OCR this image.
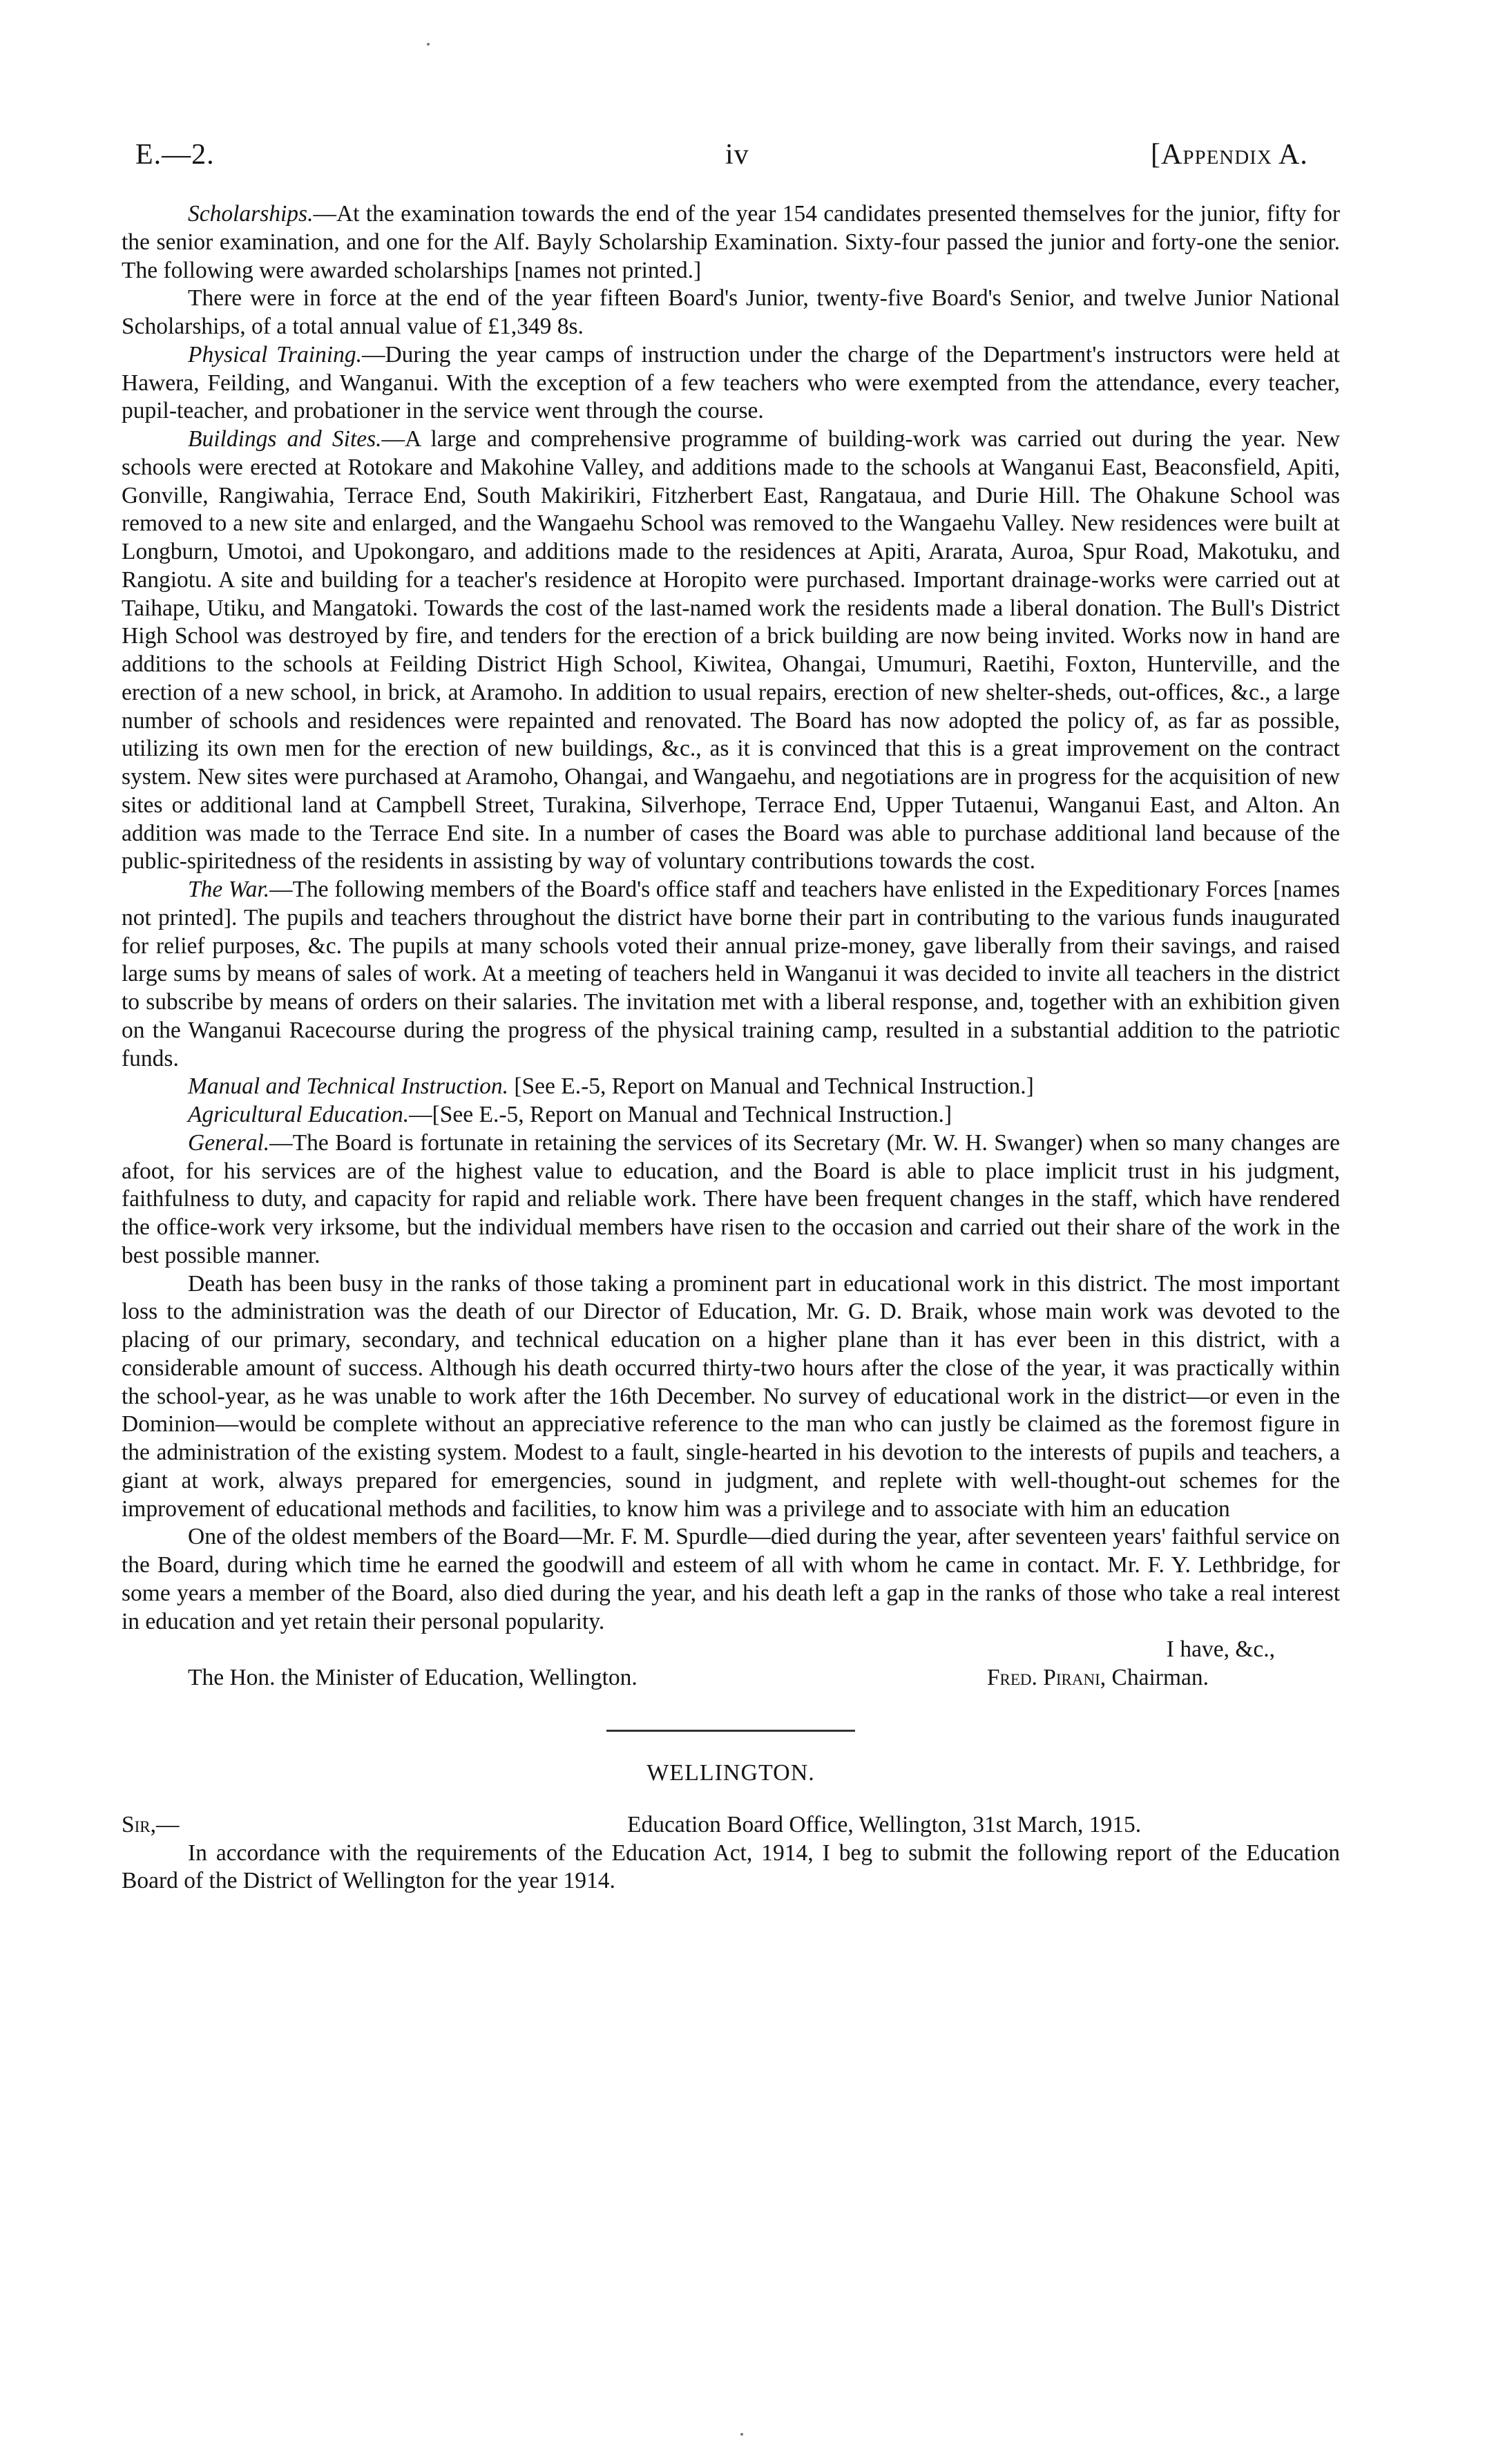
E.—2.	iv	[Appendix A.

Scholarships.—At the examination towards the end of the year 154 candidates presented themselves for the junior, fifty for the senior examination, and one for the Alf. Bayly Scholarship Examination. Sixty-four passed the junior and forty-one the senior. The following were awarded scholarships [names not printed.]

There were in force at the end of the year fifteen Board's Junior, twenty-five Board's Senior, and twelve Junior National Scholarships, of a total annual value of £1,349 8s.

Physical Training.—During the year camps of instruction under the charge of the Department's instructors were held at Hawera, Feilding, and Wanganui. With the exception of a few teachers who were exempted from the attendance, every teacher, pupil-teacher, and probationer in the service went through the course.

Buildings and Sites.—A large and comprehensive programme of building-work was carried out during the year. New schools were erected at Rotokare and Makohine Valley, and additions made to the schools at Wanganui East, Beaconsfield, Apiti, Gonville, Rangiwahia, Terrace End, South Makirikiri, Fitzherbert East, Rangataua, and Durie Hill. The Ohakune School was removed to a new site and enlarged, and the Wangaehu School was removed to the Wangaehu Valley. New residences were built at Longburn, Umotoi, and Upokongaro, and additions made to the residences at Apiti, Ararata, Auroa, Spur Road, Makotuku, and Rangiotu. A site and building for a teacher's residence at Horopito were purchased. Important drainage-works were carried out at Taihape, Utiku, and Mangatoki. Towards the cost of the last-named work the residents made a liberal donation. The Bull's District High School was destroyed by fire, and tenders for the erection of a brick building are now being invited. Works now in hand are additions to the schools at Feilding District High School, Kiwitea, Ohangai, Umumuri, Raetihi, Foxton, Hunterville, and the erection of a new school, in brick, at Aramoho. In addition to usual repairs, erection of new shelter-sheds, out-offices, &c., a large number of schools and residences were repainted and renovated. The Board has now adopted the policy of, as far as possible, utilizing its own men for the erection of new buildings, &c., as it is convinced that this is a great improvement on the contract system. New sites were purchased at Aramoho, Ohangai, and Wangaehu, and negotiations are in progress for the acquisition of new sites or additional land at Campbell Street, Turakina, Silverhope, Terrace End, Upper Tutaenui, Wanganui East, and Alton. An addition was made to the Terrace End site. In a number of cases the Board was able to purchase additional land because of the public-spiritedness of the residents in assisting by way of voluntary contributions towards the cost.

The War.—The following members of the Board's office staff and teachers have enlisted in the Expeditionary Forces [names not printed]. The pupils and teachers throughout the district have borne their part in contributing to the various funds inaugurated for relief purposes, &c. The pupils at many schools voted their annual prize-money, gave liberally from their savings, and raised large sums by means of sales of work. At a meeting of teachers held in Wanganui it was decided to invite all teachers in the district to subscribe by means of orders on their salaries. The invitation met with a liberal response, and, together with an exhibition given on the Wanganui Racecourse during the progress of the physical training camp, resulted in a substantial addition to the patriotic funds.

Manual and Technical Instruction. [See E.-5, Report on Manual and Technical Instruction.]

Agricultural Education.—[See E.-5, Report on Manual and Technical Instruction.]

General.—The Board is fortunate in retaining the services of its Secretary (Mr. W. H. Swanger) when so many changes are afoot, for his services are of the highest value to education, and the Board is able to place implicit trust in his judgment, faithfulness to duty, and capacity for rapid and reliable work. There have been frequent changes in the staff, which have rendered the office-work very irksome, but the individual members have risen to the occasion and carried out their share of the work in the best possible manner.

Death has been busy in the ranks of those taking a prominent part in educational work in this district. The most important loss to the administration was the death of our Director of Education, Mr. G. D. Braik, whose main work was devoted to the placing of our primary, secondary, and technical education on a higher plane than it has ever been in this district, with a considerable amount of success. Although his death occurred thirty-two hours after the close of the year, it was practically within the school-year, as he was unable to work after the 16th December. No survey of educational work in the district—or even in the Dominion—would be complete without an appreciative reference to the man who can justly be claimed as the foremost figure in the administration of the existing system. Modest to a fault, single-hearted in his devotion to the interests of pupils and teachers, a giant at work, always prepared for emergencies, sound in judgment, and replete with well-thought-out schemes for the improvement of educational methods and facilities, to know him was a privilege and to associate with him an education

One of the oldest members of the Board—Mr. F. M. Spurdle—died during the year, after seventeen years' faithful service on the Board, during which time he earned the goodwill and esteem of all with whom he came in contact. Mr. F. Y. Lethbridge, for some years a member of the Board, also died during the year, and his death left a gap in the ranks of those who take a real interest in education and yet retain their personal popularity.

I have, &c.,
The Hon. the Minister of Education, Wellington.	Fred. Pirani, Chairman.
WELLINGTON.
Sir,—	Education Board Office, Wellington, 31st March, 1915.

In accordance with the requirements of the Education Act, 1914, I beg to submit the following report of the Education Board of the District of Wellington for the year 1914.
